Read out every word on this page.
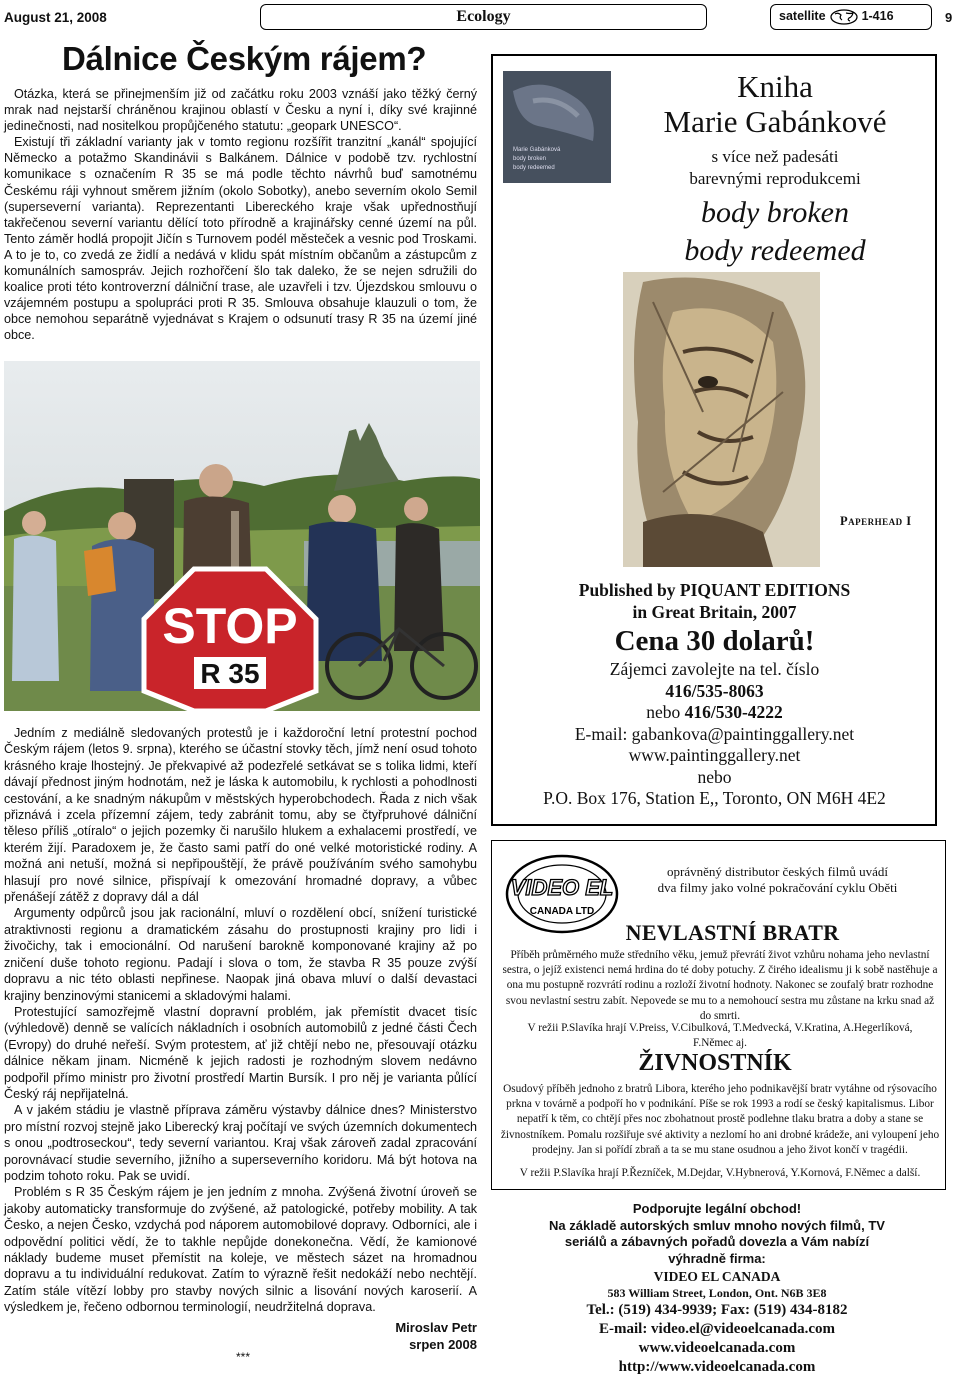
August 21, 2008	Ecology	satellite	1-416	9
Dálnice Českým rájem?

Otázka, která se přinejmenším již od začátku roku 2003 vznáší jako těžký černý mrak nad nejstarší chráněnou krajinou oblastí v Česku a nyní i, díky své krajinné jedinečnosti, nad nositelkou propůjčeného statutu: „geopark UNESCO“.

Existují tři základní varianty jak v tomto regionu rozšířit tranzitní „kanál“ spojující Německo a potažmo Skandinávii s Balkánem. Dálnice v podobě tzv. rychlostní komunikace s označením R 35 se má podle těchto návrhů buď samotnému Českému ráji vyhnout směrem jižním (okolo Sobotky), anebo severním okolo Semil (superseverní varianta). Reprezentanti Libereckého kraje však upřednostňují takřečenou severní variantu dělící toto přírodně a krajinářsky cenné území na půl. Tento záměr hodlá propojit Jičín s Turnovem podél městeček a vesnic pod Troskami. A to je to, co zvedá ze židlí a nedává v klidu spát místním občanům a zástupcům z komunálních samospráv. Jejich rozhořčení šlo tak daleko, že se nejen sdružili do koalice proti této kontroverzní dálniční trase, ale uzavřeli i tzv. Újezdskou smlouvu o vzájemném postupu a spolupráci proti R 35. Smlouva obsahuje klauzuli o tom, že obce nemohou separátně vyjednávat s Krajem o odsunutí trasy R 35 na území jiné obce.

STOP
R 35

Jedním z mediálně sledovaných protestů je i každoroční letní protestní pochod Českým rájem (letos 9. srpna), kterého se účastní stovky těch, jímž není osud tohoto krásného kraje lhostejný. Je překvapivé až podezřelé setkávat se s tolika lidmi, kteří dávají přednost jiným hodnotám, než je láska k automobilu, k rychlosti a pohodlnosti cestování, a ke snadným nákupům v městských hyperobchodech. Řada z nich však přiznává i zcela přízemní zájem, tedy zabránit tomu, aby se čtyřpruhové dálniční těleso příliš „otíralo“ o jejich pozemky či narušilo hlukem a exhalacemi prostředí, ve kterém žijí. Paradoxem je, že často sami patří do oné velké motoristické rodiny. A možná ani netuší, možná si nepřipouštějí, že právě používáním svého samohybu hlasují pro nové silnice, přispívají k omezování hromadné dopravy, a vůbec přenášejí zátěž z dopravy dál a dál

Argumenty odpůrců jsou jak racionální, mluví o rozdělení obcí, snížení turistické atraktivnosti regionu a dramatickém zásahu do prostupnosti krajiny pro lidi i živočichy, tak i emocionální. Od narušení barokně komponované krajiny až po zničení duše tohoto regionu. Padají i slova o tom, že stavba R 35 pouze zvýší dopravu a nic této oblasti nepřinese. Naopak jiná obava mluví o další devastaci krajiny benzinovými stanicemi a skladovými halami.

Protestující samozřejmě vlastní dopravní problém, jak přemístit dvacet tisíc (výhledově) denně se valících nákladních i osobních automobilů z jedné části Čech (Evropy) do druhé neřeší. Svým protestem, ať již chtějí nebo ne, přesouvají otázku dálnice někam jinam. Nicméně k jejich radosti je rozhodným slovem nedávno podpořil přímo ministr pro životní prostředí Martin Bursík. I pro něj je varianta půlící Český ráj nepřijatelná.

A v jakém stádiu je vlastně příprava záměru výstavby dálnice dnes? Ministerstvo pro místní rozvoj stejně jako Liberecký kraj počítají ve svých územních dokumentech s onou „podtroseckou“, tedy severní variantou. Kraj však zároveň zadal zpracování porovnávací studie severního, jižního a superseverního koridoru. Má být hotova na podzim tohoto roku. Pak se uvidí.

Problém s R 35 Českým rájem je jen jedním z mnoha. Zvýšená životní úroveň se jakoby automaticky transformuje do zvýšené, až patologické, potřeby mobility. A tak Česko, a nejen Česko, vzdychá pod náporem automobilové dopravy. Odborníci, ale i odpovědní politici vědí, že to takhle nepůjde donekonečna. Vědí, že kamionové náklady budeme muset přemístit na koleje, ve městech sázet na hromadnou dopravu a tu individuální redukovat. Zatím to výrazně řešit nedokáží nebo nechtějí. Zatím stále vítězí lobby pro stavby nových silnic a lisování nových karoserií. A výsledkem je, řečeno odbornou terminologií, neudržitelná doprava.

Miroslav Petr
srpen 2008
***
Marie Gabánková
body broken
body redeemed
Kniha
Marie Gabánkové
s více než padesáti
barevnými reprodukcemi
body broken
body redeemed
Paperhead I
Published by PIQUANT EDITIONS
in Great Britain, 2007
Cena 30 dolarů!
Zájemci zavolejte na tel. číslo
416/535-8063
nebo 416/530-4222
E-mail: gabankova@paintinggallery.net
www.paintinggallery.net
nebo
P.O. Box 176, Station E,, Toronto, ON M6H 4E2
VIDEO EL
CANADA LTD
oprávněný distributor českých filmů uvádí
dva filmy jako volné pokračování cyklu Oběti
NEVLASTNÍ BRATR
Příběh průměrného muže středního věku, jemuž převrátí život vzhůru nohama jeho nevlastní sestra, o jejíž existenci nemá hrdina do té doby potuchy. Z čirého idealismu ji k sobě nastěhuje a ona mu postupně rozvrátí rodinu a rozloží životní hodnoty. Nakonec se zoufalý bratr rozhodne svou nevlastní sestru zabít. Nepovede se mu to a nemohoucí sestra mu zůstane na krku snad až do smrti.
V režii P.Slavíka hrají V.Preiss, V.Cibulková, T.Medvecká, V.Kratina, A.Hegerlíková, F.Němec aj.
ŽIVNOSTNÍK
Osudový příběh jednoho z bratrů Libora, kterého jeho podnikavější bratr vytáhne od rýsovacího prkna v továrně a podpoří ho v podnikání. Píše se rok 1993 a rodí se český kapitalismus. Libor nepatří k těm, co chtějí přes noc zbohatnout prostě podlehne tlaku bratra a doby a stane se živnostníkem. Pomalu rozšiřuje své aktivity a nezlomí ho ani drobné krádeže, ani vyloupení jeho prodejny. Jan si pořídí zbraň a ta se mu stane osudnou a jeho život končí v tragédii.
V režii P.Slavíka hrají P.Řezníček, M.Dejdar, V.Hybnerová, Y.Kornová, F.Němec a další.
Podporujte legální obchod!
Na základě autorských smluv mnoho nových filmů, TV
seriálů a zábavných pořadů dovezla a Vám nabízí
výhradně firma:
VIDEO EL CANADA
583 William Street, London, Ont. N6B 3E8
Tel.: (519) 434-9939; Fax: (519) 434-8182
E-mail: video.el@videoelcanada.com
www.videoelcanada.com
http://www.videoelcanada.com
